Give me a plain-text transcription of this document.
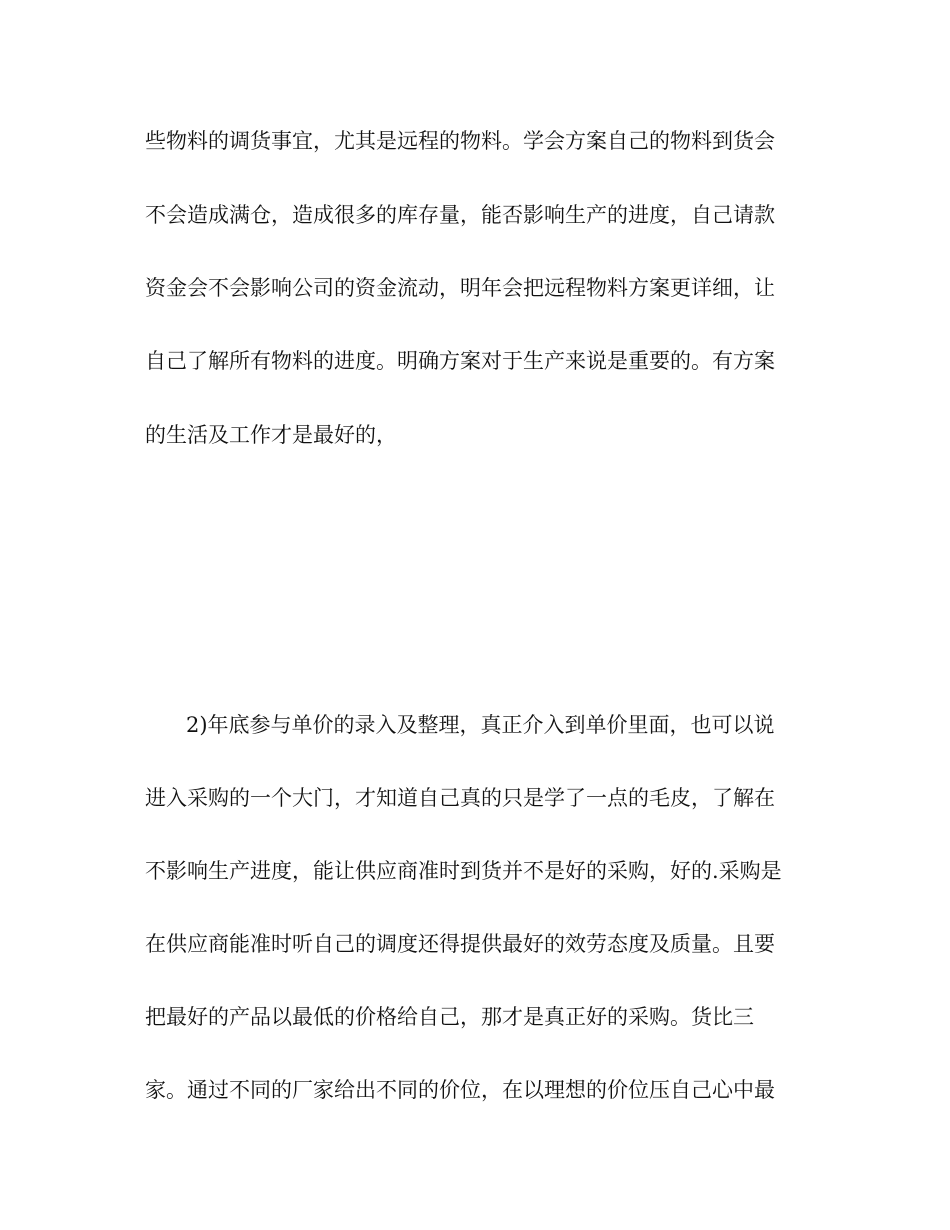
些物料的调货事宜，尤其是远程的物料。学会方案自己的物料到货会
不会造成满仓，造成很多的库存量，能否影响生产的进度，自己请款
资金会不会影响公司的资金流动，明年会把远程物料方案更详细，让
自己了解所有物料的进度。明确方案对于生产来说是重要的。有方案
的生活及工作才是最好的，
2)年底参与单价的录入及整理，真正介入到单价里面，也可以说
进入采购的一个大门，才知道自己真的只是学了一点的毛皮，了解在
不影响生产进度，能让供应商准时到货并不是好的采购，好的.采购是
在供应商能准时听自己的调度还得提供最好的效劳态度及质量。且要
把最好的产品以最低的价格给自己，那才是真正好的采购。货比三
家。通过不同的厂家给出不同的价位，在以理想的价位压自己心中最
